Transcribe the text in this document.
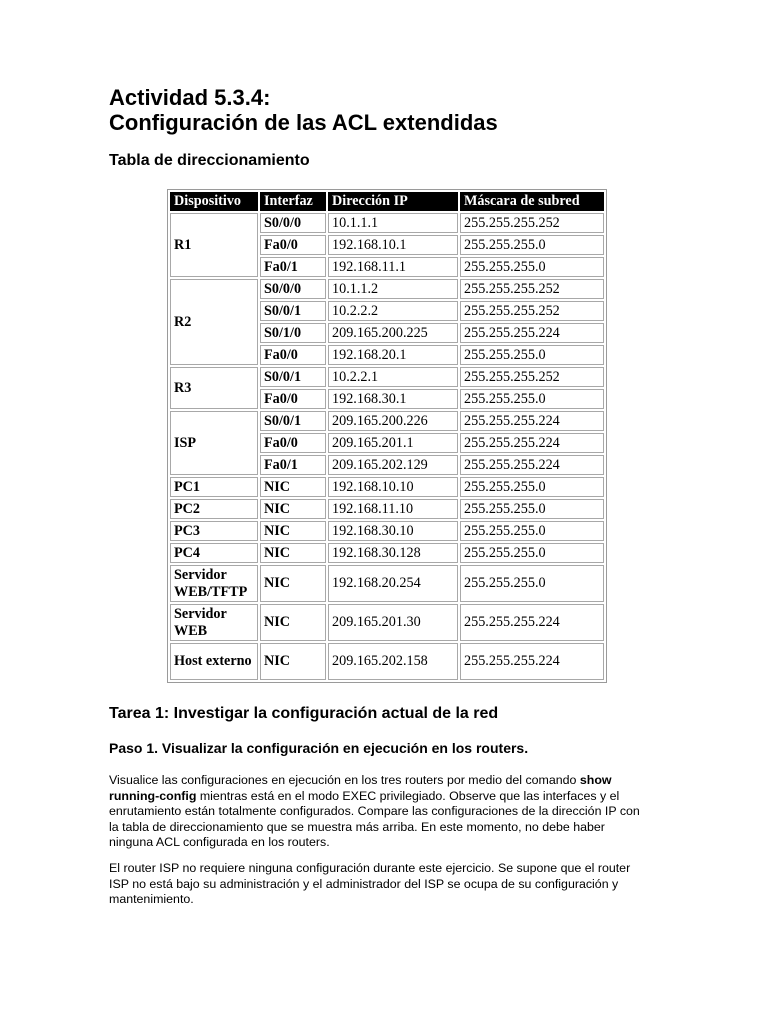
Actividad 5.3.4:
Configuración de las ACL extendidas
Tabla de direccionamiento
Dispositivo	Interfaz	Dirección IP	Máscara de subred
R1	S0/0/0	10.1.1.1	255.255.255.252
	Fa0/0	192.168.10.1	255.255.255.0
	Fa0/1	192.168.11.1	255.255.255.0
R2	S0/0/0	10.1.1.2	255.255.255.252
	S0/0/1	10.2.2.2	255.255.255.252
	S0/1/0	209.165.200.225	255.255.255.224
	Fa0/0	192.168.20.1	255.255.255.0
R3	S0/0/1	10.2.2.1	255.255.255.252
	Fa0/0	192.168.30.1	255.255.255.0
ISP	S0/0/1	209.165.200.226	255.255.255.224
	Fa0/0	209.165.201.1	255.255.255.224
	Fa0/1	209.165.202.129	255.255.255.224
PC1	NIC	192.168.10.10	255.255.255.0
PC2	NIC	192.168.11.10	255.255.255.0
PC3	NIC	192.168.30.10	255.255.255.0
PC4	NIC	192.168.30.128	255.255.255.0
Servidor WEB/TFTP	NIC	192.168.20.254	255.255.255.0
Servidor WEB	NIC	209.165.201.30	255.255.255.224
Host externo	NIC	209.165.202.158	255.255.255.224
Tarea 1: Investigar la configuración actual de la red
Paso 1. Visualizar la configuración en ejecución en los routers.

Visualice las configuraciones en ejecución en los tres routers por medio del comando show running-config mientras está en el modo EXEC privilegiado. Observe que las interfaces y el enrutamiento están totalmente configurados. Compare las configuraciones de la dirección IP con la tabla de direccionamiento que se muestra más arriba. En este momento, no debe haber ninguna ACL configurada en los routers.

El router ISP no requiere ninguna configuración durante este ejercicio. Se supone que el router ISP no está bajo su administración y el administrador del ISP se ocupa de su configuración y mantenimiento.
